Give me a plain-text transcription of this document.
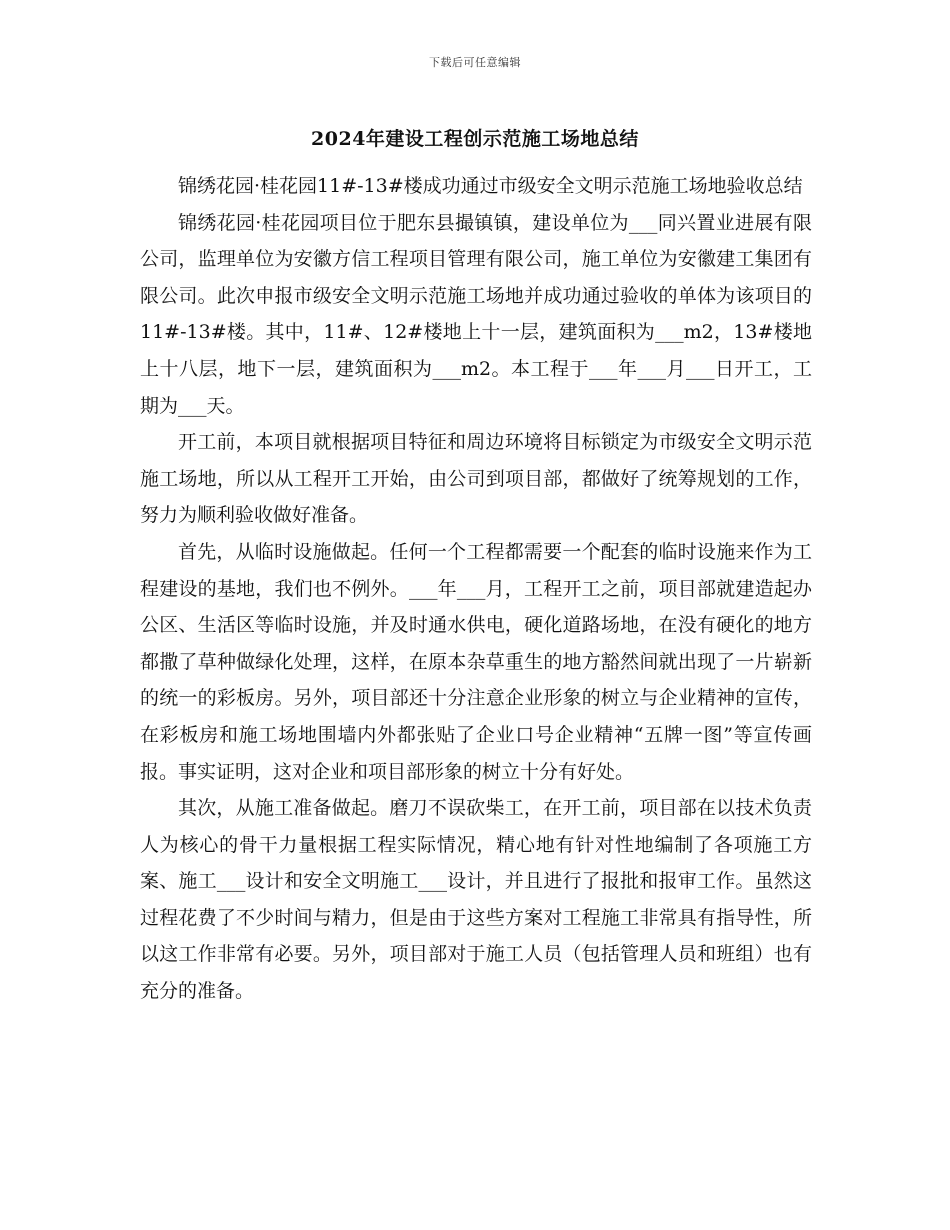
下载后可任意编辑
2024年建设工程创示范施工场地总结

锦绣花园·桂花园11#-13#楼成功通过市级安全文明示范施工场地验收总结

锦绣花园·桂花园项目位于肥东县撮镇镇，建设单位为___同兴置业进展有限公司，监理单位为安徽方信工程项目管理有限公司，施工单位为安徽建工集团有限公司。此次申报市级安全文明示范施工场地并成功通过验收的单体为该项目的11#-13#楼。其中，11#、12#楼地上十一层，建筑面积为___m2，13#楼地上十八层，地下一层，建筑面积为___m2。本工程于___年___月___日开工，工期为___天。

开工前，本项目就根据项目特征和周边环境将目标锁定为市级安全文明示范施工场地，所以从工程开工开始，由公司到项目部，都做好了统筹规划的工作，努力为顺利验收做好准备。

首先，从临时设施做起。任何一个工程都需要一个配套的临时设施来作为工程建设的基地，我们也不例外。___年___月，工程开工之前，项目部就建造起办公区、生活区等临时设施，并及时通水供电，硬化道路场地，在没有硬化的地方都撒了草种做绿化处理，这样，在原本杂草重生的地方豁然间就出现了一片崭新的统一的彩板房。另外，项目部还十分注意企业形象的树立与企业精神的宣传，在彩板房和施工场地围墙内外都张贴了企业口号企业精神“五牌一图”等宣传画报。事实证明，这对企业和项目部形象的树立十分有好处。

其次，从施工准备做起。磨刀不误砍柴工，在开工前，项目部在以技术负责人为核心的骨干力量根据工程实际情况，精心地有针对性地编制了各项施工方案、施工___设计和安全文明施工___设计，并且进行了报批和报审工作。虽然这过程花费了不少时间与精力，但是由于这些方案对工程施工非常具有指导性，所以这工作非常有必要。另外，项目部对于施工人员（包括管理人员和班组）也有充分的准备。
